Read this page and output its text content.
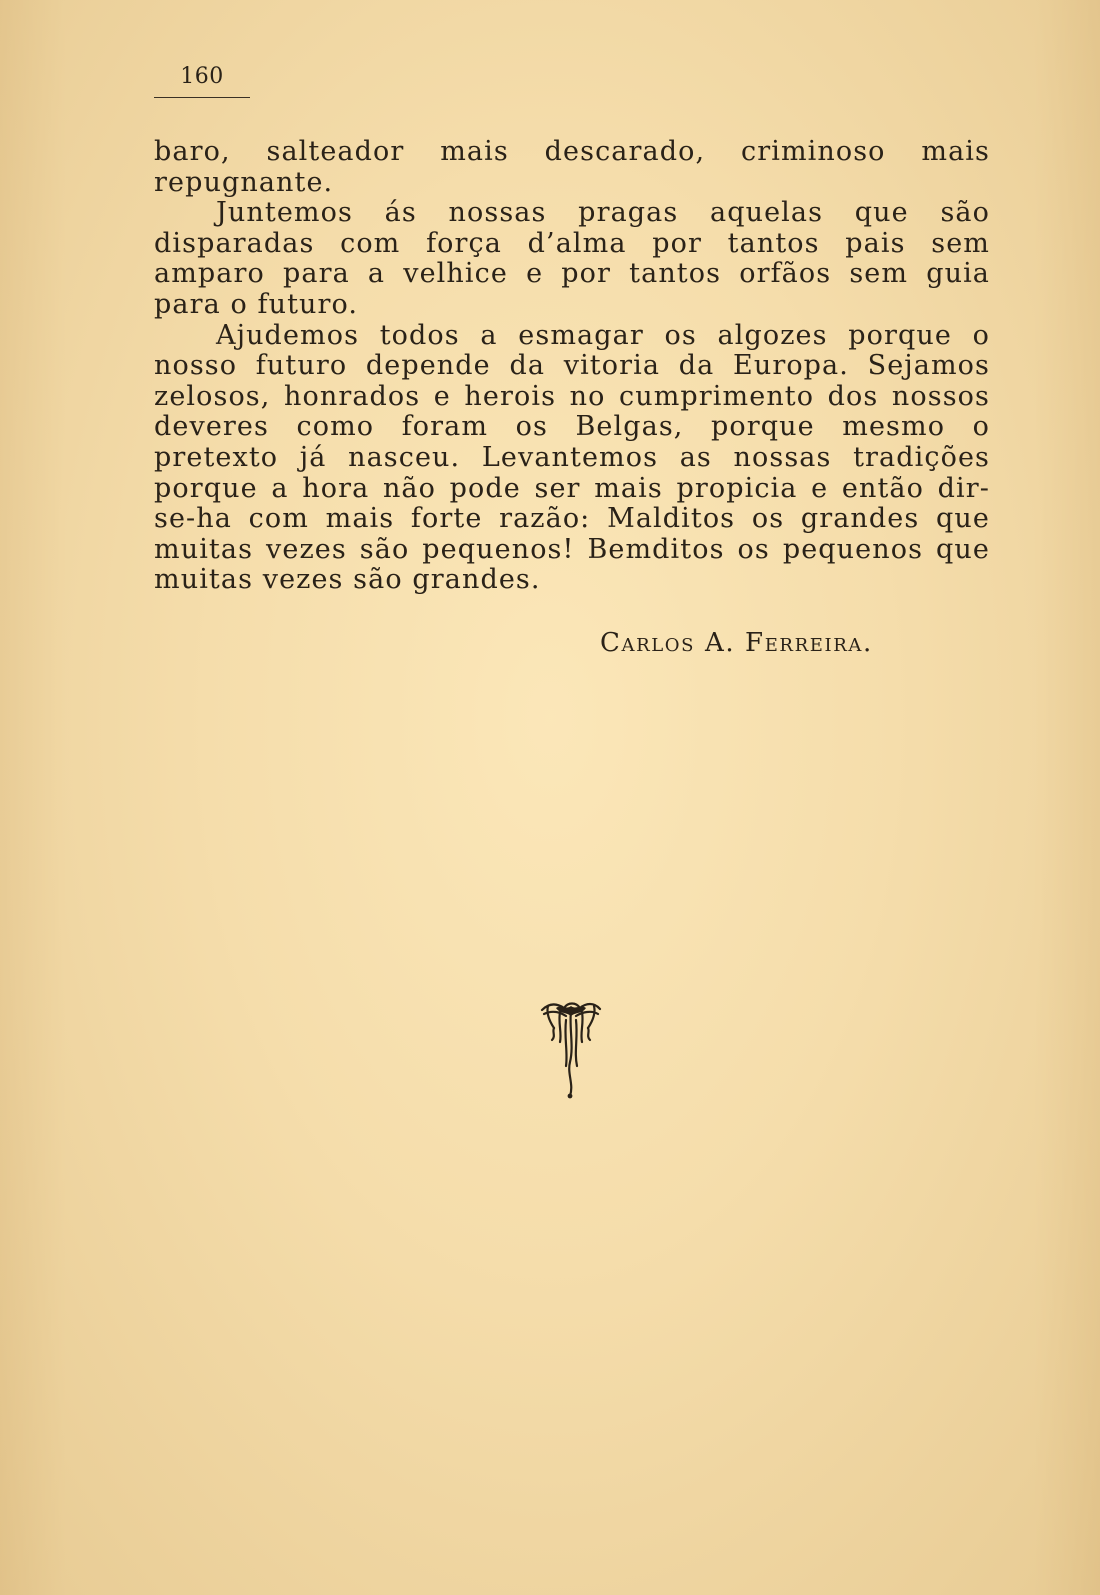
160

baro, salteador mais descarado, criminoso mais repugnante.

Juntemos ás nossas pragas aquelas que são disparadas com força d’alma por tantos pais sem amparo para a velhice e por tantos orfãos sem guia para o futuro.

Ajudemos todos a esmagar os algozes porque o nosso futuro depende da vitoria da Europa. Sejamos zelosos, honrados e herois no cumprimento dos nossos deveres como foram os Belgas, porque mesmo o pretexto já nasceu. Levantemos as nossas tradições porque a hora não pode ser mais propicia e então dir-se-ha com mais forte razão: Malditos os grandes que muitas vezes são pequenos! Bemditos os pequenos que muitas vezes são grandes.

Carlos A. Ferreira.
